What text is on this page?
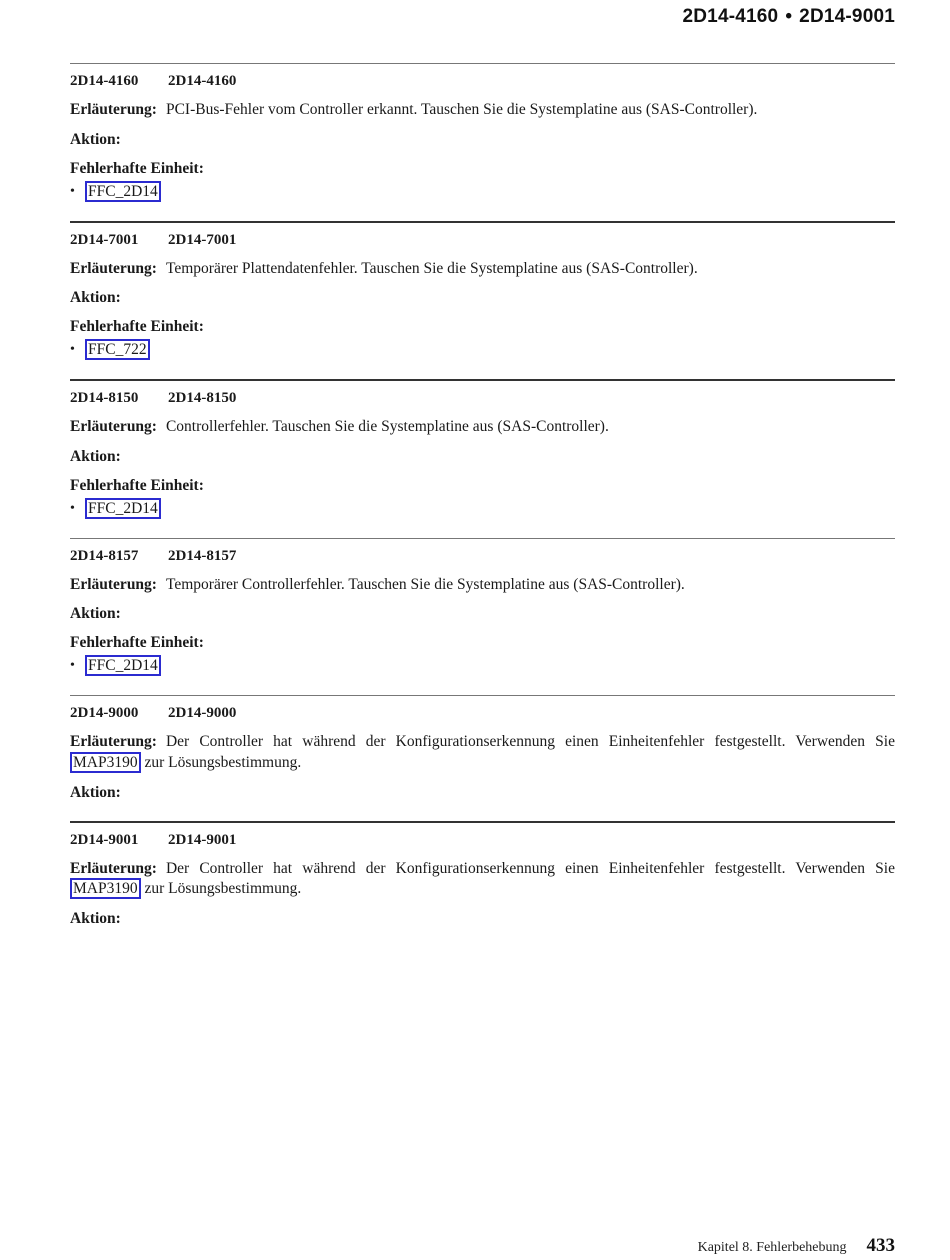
2D14-4160 • 2D14-9001
2D14-4160 2D14-4160
Erläuterung: PCI-Bus-Fehler vom Controller erkannt. Tauschen Sie die Systemplatine aus (SAS-Controller).
Aktion:
Fehlerhafte Einheit:
• FFC_2D14
2D14-7001 2D14-7001
Erläuterung: Temporärer Plattendatenfehler. Tauschen Sie die Systemplatine aus (SAS-Controller).
Aktion:
Fehlerhafte Einheit:
• FFC_722
2D14-8150 2D14-8150
Erläuterung: Controllerfehler. Tauschen Sie die Systemplatine aus (SAS-Controller).
Aktion:
Fehlerhafte Einheit:
• FFC_2D14
2D14-8157 2D14-8157
Erläuterung: Temporärer Controllerfehler. Tauschen Sie die Systemplatine aus (SAS-Controller).
Aktion:
Fehlerhafte Einheit:
• FFC_2D14
2D14-9000 2D14-9000
Erläuterung: Der Controller hat während der Konfigurationserkennung einen Einheitenfehler festgestellt. Verwenden Sie MAP3190 zur Lösungsbestimmung.
Aktion:
2D14-9001 2D14-9001
Erläuterung: Der Controller hat während der Konfigurationserkennung einen Einheitenfehler festgestellt. Verwenden Sie MAP3190 zur Lösungsbestimmung.
Aktion:
Kapitel 8. Fehlerbehebung 433
